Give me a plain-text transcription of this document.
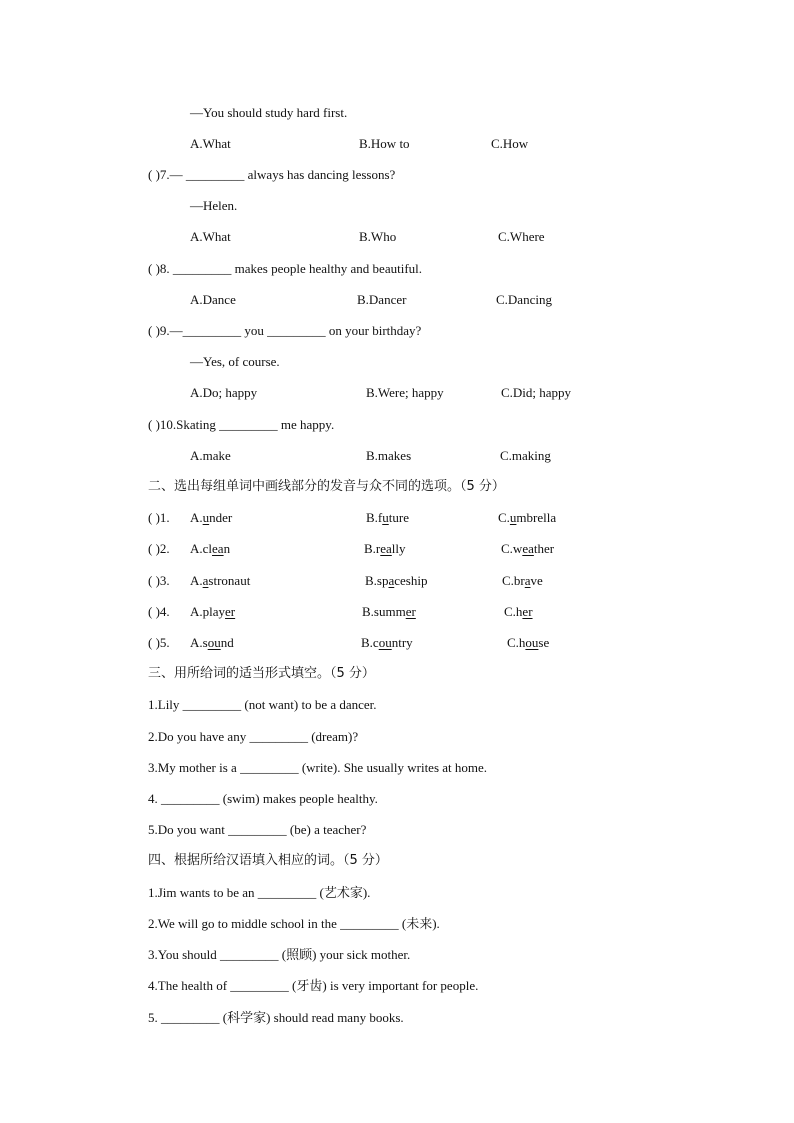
—You should study hard first.
A.What	B.How to	C.How
( )7.— _________ always has dancing lessons?
—Helen.
A.What	B.Who	C.Where
( )8. _________ makes people healthy and beautiful.
A.Dance	B.Dancer	C.Dancing
( )9.—_________ you _________ on your birthday?
—Yes, of course.
A.Do; happy	B.Were; happy	C.Did; happy
( )10.Skating _________ me happy.
A.make	B.makes	C.making
二、选出每组单词中画线部分的发音与众不同的选项。（5 分）
( )1. A.under	B.future	C.umbrella
( )2. A.clean	B.really	C.weather
( )3. A.astronaut	B.spaceship	C.brave
( )4. A.player	B.summer	C.her
( )5. A.sound	B.country	C.house
三、用所给词的适当形式填空。（5 分）
1.Lily _________ (not want) to be a dancer.
2.Do you have any _________ (dream)?
3.My mother is a _________ (write). She usually writes at home.
4. _________ (swim) makes people healthy.
5.Do you want _________ (be) a teacher?
四、根据所给汉语填入相应的词。（5 分）
1.Jim wants to be an _________ (艺术家).
2.We will go to middle school in the _________ (未来).
3.You should _________ (照顾) your sick mother.
4.The health of _________ (牙齿) is very important for people.
5. _________ (科学家) should read many books.
